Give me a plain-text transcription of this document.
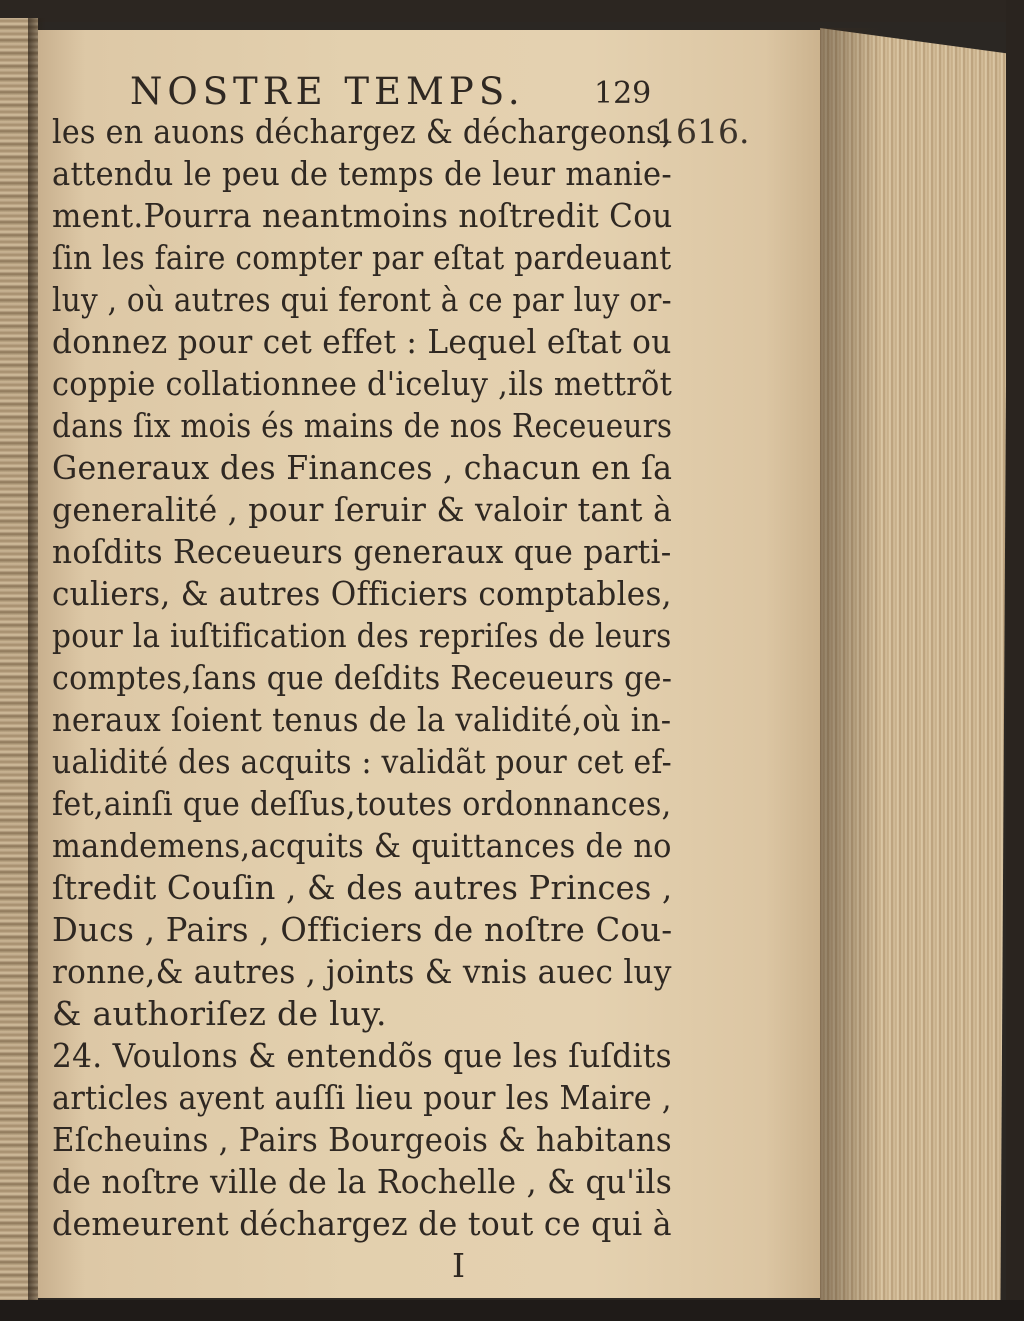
NOSTRE TEMPS. 129
1616.
les en auons déchargez & déchargeons,
attendu le peu de temps de leur manie-
ment.Pourra neantmoins noſtredit Cou
ſin les faire compter par eſtat pardeuant
luy , où autres qui feront à ce par luy or-
donnez pour cet effet : Lequel eſtat ou
coppie collationnee d'iceluy ,ils mettrõt
dans ſix mois és mains de nos Receueurs
Generaux des Finances , chacun en ſa
generalité , pour ſeruir & valoir tant à
noſdits Receueurs generaux que parti-
culiers, & autres Officiers comptables,
pour la iuſtification des repriſes de leurs
comptes,ſans que deſdits Receueurs ge-
neraux ſoient tenus de la validité,où in-
ualidité des acquits : validãt pour cet ef-
fet,ainſi que deſſus,toutes ordonnances,
mandemens,acquits & quittances de no
ſtredit Couſin , & des autres Princes ,
Ducs , Pairs , Officiers de noſtre Cou-
ronne,& autres , joints & vnis auec luy
& authoriſez de luy.
24. Voulons & entendõs que les ſuſdits
articles ayent auſſi lieu pour les Maire ,
Eſcheuins , Pairs Bourgeois & habitans
de noſtre ville de la Rochelle , & qu'ils
demeurent déchargez de tout ce qui à
I
